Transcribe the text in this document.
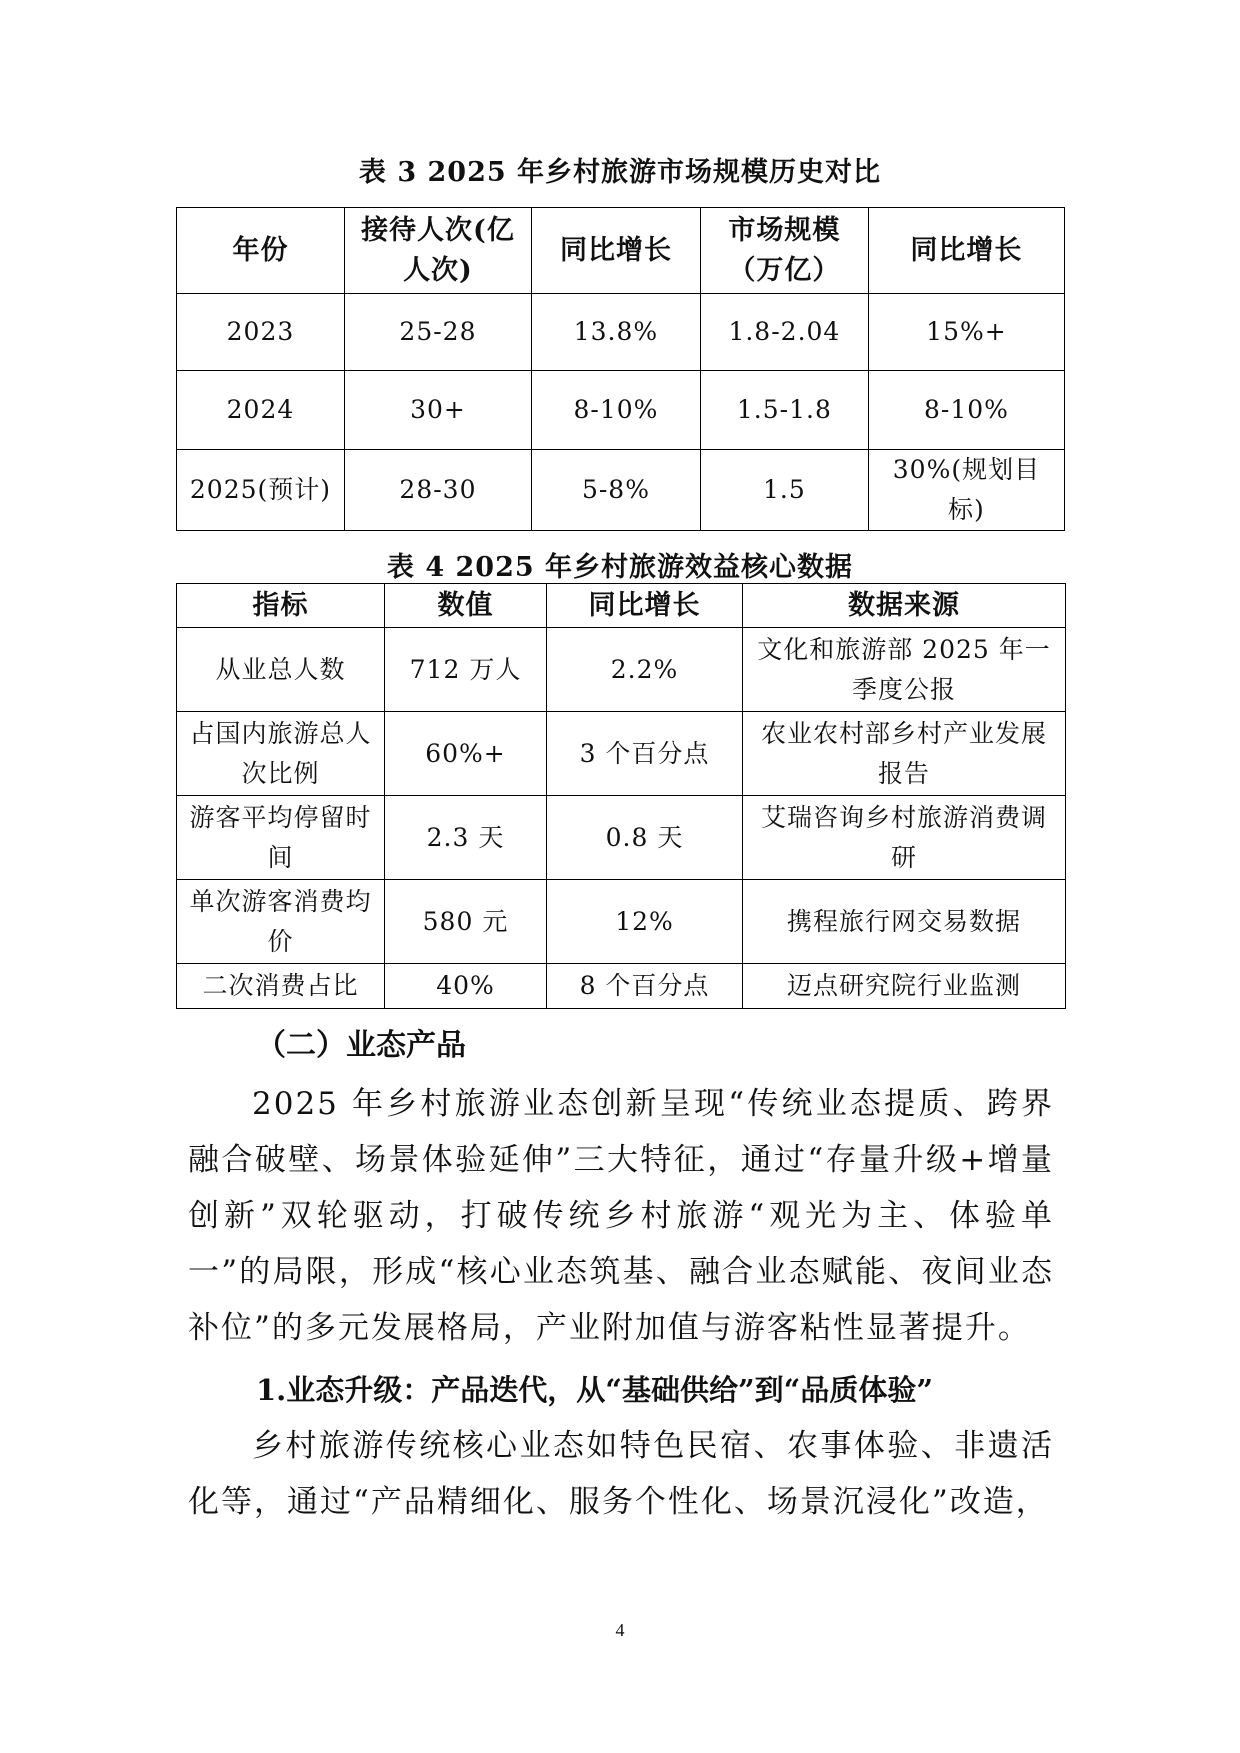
表 3 2025 年乡村旅游市场规模历史对比
年份	接待人次(亿人次)	同比增长	市场规模（万亿）	同比增长
2023	25-28	13.8%	1.8-2.04	15%+
2024	30+	8-10%	1.5-1.8	8-10%
2025(预计)	28-30	5-8%	1.5	30%(规划目标)
表 4 2025 年乡村旅游效益核心数据
指标	数值	同比增长	数据来源
从业总人数	712 万人	2.2%	文化和旅游部 2025 年一季度公报
占国内旅游总人次比例	60%+	3 个百分点	农业农村部乡村产业发展报告
游客平均停留时间	2.3 天	0.8 天	艾瑞咨询乡村旅游消费调研
单次游客消费均价	580 元	12%	携程旅行网交易数据
二次消费占比	40%	8 个百分点	迈点研究院行业监测
（二）业态产品
2025 年乡村旅游业态创新呈现“传统业态提质、跨界融合破壁、场景体验延伸”三大特征，通过“存量升级+增量创新”双轮驱动，打破传统乡村旅游“观光为主、体验单一”的局限，形成“核心业态筑基、融合业态赋能、夜间业态补位”的多元发展格局，产业附加值与游客粘性显著提升。
1.业态升级：产品迭代，从“基础供给”到“品质体验”
乡村旅游传统核心业态如特色民宿、农事体验、非遗活化等，通过“产品精细化、服务个性化、场景沉浸化”改造，
4
